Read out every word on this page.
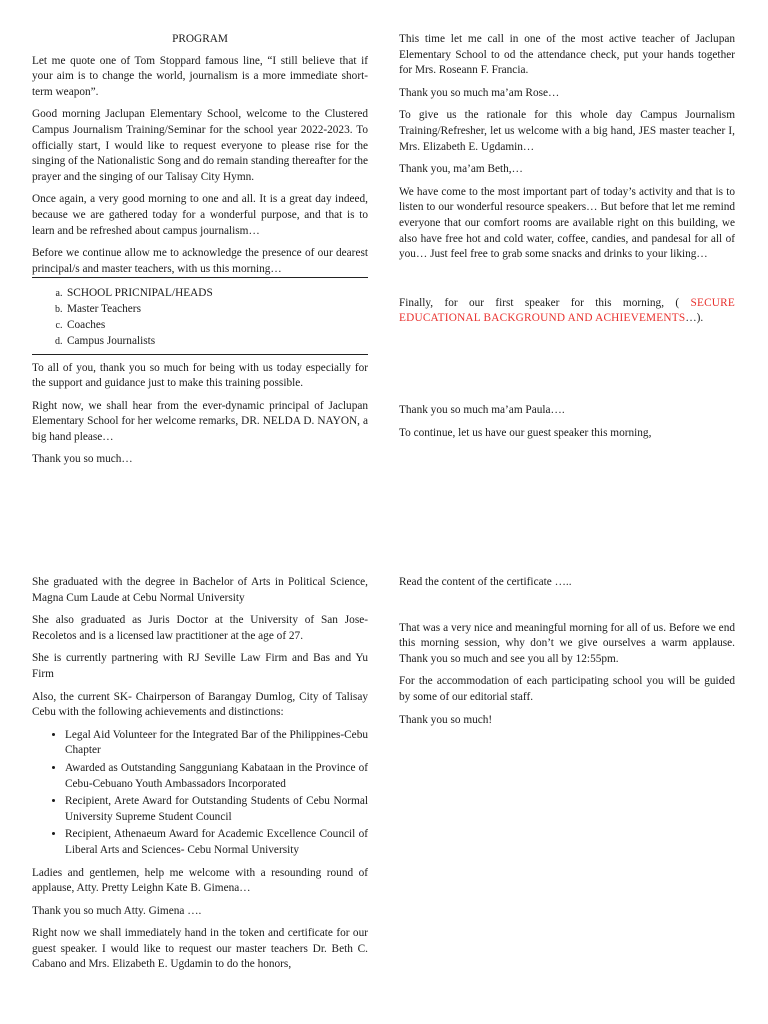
PROGRAM

Let me quote one of Tom Stoppard famous line, “I still believe that if your aim is to change the world, journalism is a more immediate short-term weapon”.

Good morning Jaclupan Elementary School, welcome to the Clustered Campus Journalism Training/Seminar for the school year 2022-2023. To officially start, I would like to request everyone to please rise for the singing of the Nationalistic Song and do remain standing thereafter for the prayer and the singing of our Talisay City Hymn.

Once again, a very good morning to one and all. It is a great day indeed, because we are gathered today for a wonderful purpose, and that is to learn and be refreshed about campus journalism…

Before we continue allow me to acknowledge the presence of our dearest principal/s and master teachers, with us this morning…

a. SCHOOL PRICNIPAL/HEADS
b. Master Teachers
c. Coaches
d. Campus Journalists

To all of you, thank you so much for being with us today especially for the support and guidance just to make this training possible.

Right now, we shall hear from the ever-dynamic principal of Jaclupan Elementary School for her welcome remarks, DR. NELDA D. NAYON, a big hand please…

Thank you so much…

This time let me call in one of the most active teacher of Jaclupan Elementary School to od the attendance check, put your hands together for Mrs. Roseann F. Francia.

Thank you so much ma’am Rose…

To give us the rationale for this whole day Campus Journalism Training/Refresher, let us welcome with a big hand, JES master teacher I, Mrs. Elizabeth E. Ugdamin…

Thank you, ma’am Beth,…

We have come to the most important part of today’s activity and that is to listen to our wonderful resource speakers… But before that let me remind everyone that our comfort rooms are available right on this building, we also have free hot and cold water, coffee, candies, and pandesal for all of you… Just feel free to grab some snacks and drinks to your liking…

Finally, for our first speaker for this morning, ( SECURE EDUCATIONAL BACKGROUND AND ACHIEVEMENTS…).

Thank you so much ma’am Paula….

To continue, let us have our guest speaker this morning,

She graduated with the degree in Bachelor of Arts in Political Science, Magna Cum Laude at Cebu Normal University

She also graduated as Juris Doctor at the University of San Jose-Recoletos and is a licensed law practitioner at the age of 27.

She is currently partnering with RJ Seville Law Firm and Bas and Yu Firm

Also, the current SK- Chairperson of Barangay Dumlog, City of Talisay Cebu with the following achievements and distinctions:

• Legal Aid Volunteer for the Integrated Bar of the Philippines-Cebu Chapter
• Awarded as Outstanding Sangguniang Kabataan in the Province of Cebu-Cebuano Youth Ambassadors Incorporated
• Recipient, Arete Award for Outstanding Students of Cebu Normal University Supreme Student Council
• Recipient, Athenaeum Award for Academic Excellence Council of Liberal Arts and Sciences- Cebu Normal University

Ladies and gentlemen, help me welcome with a resounding round of applause, Atty. Pretty Leighn Kate B. Gimena…

Thank you so much Atty. Gimena ….

Right now we shall immediately hand in the token and certificate for our guest speaker. I would like to request our master teachers Dr. Beth C. Cabano and Mrs. Elizabeth E. Ugdamin to do the honors,

Read the content of the certificate …..

That was a very nice and meaningful morning for all of us. Before we end this morning session, why don’t we give ourselves a warm applause. Thank you so much and see you all by 12:55pm.

For the accommodation of each participating school you will be guided by some of our editorial staff.

Thank you so much!
